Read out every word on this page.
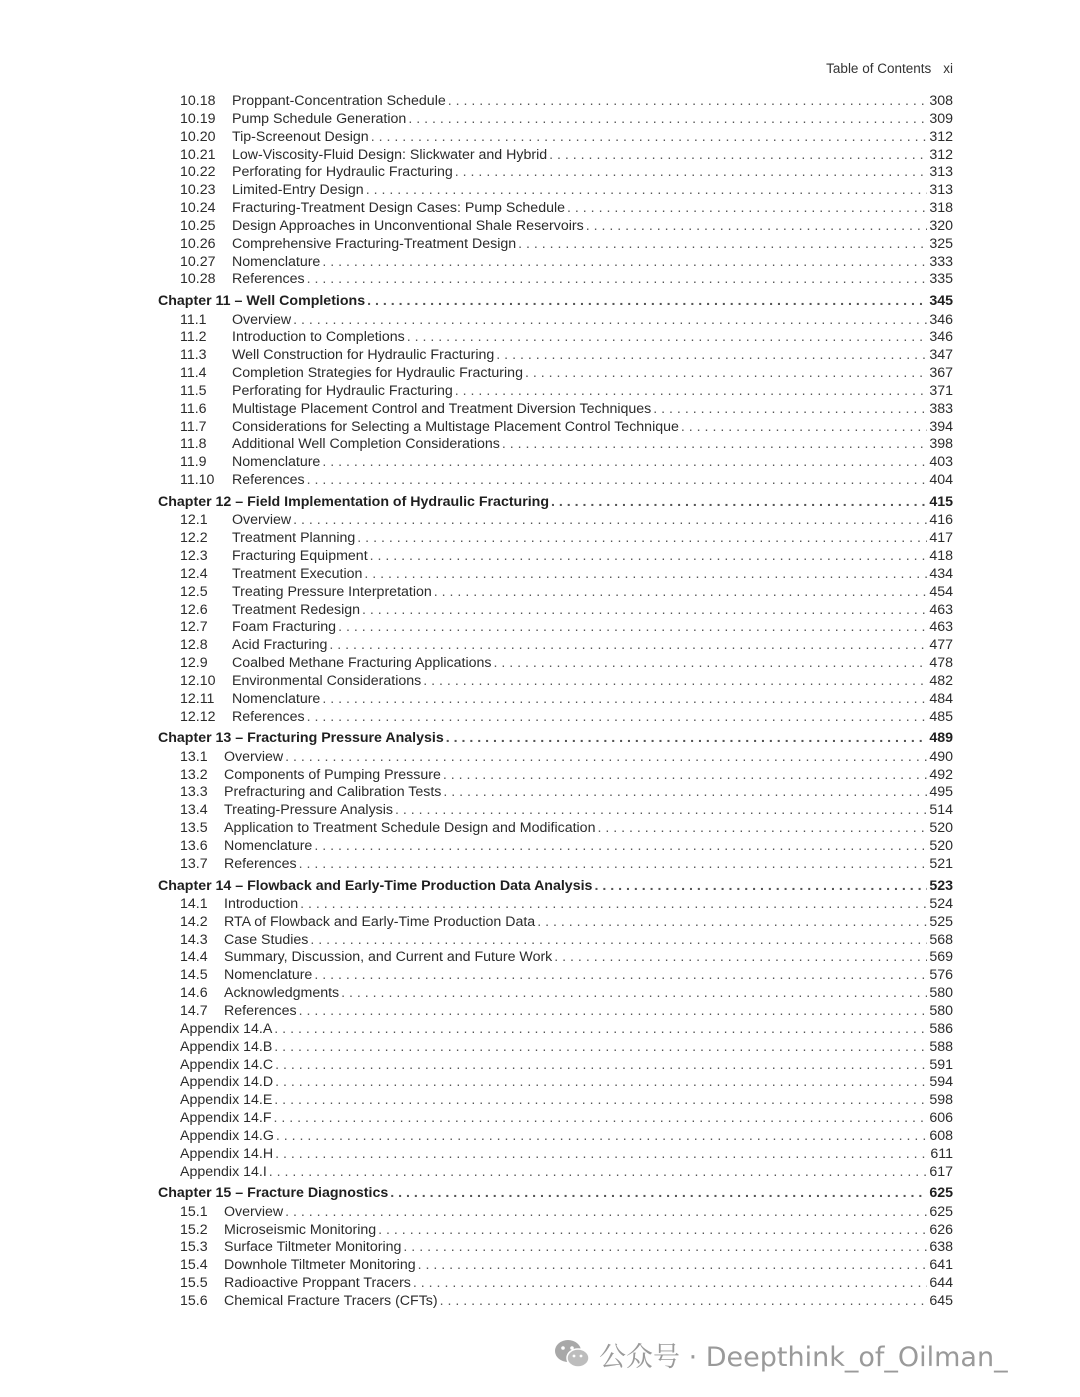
Table of Contents xi
10.18	Proppant-Concentration Schedule . . .	308
10.19	Pump Schedule Generation . . .	309
10.20	Tip-Screenout Design . . .	312
10.21	Low-Viscosity-Fluid Design: Slickwater and Hybrid . . .	312
10.22	Perforating for Hydraulic Fracturing . . .	313
10.23	Limited-Entry Design . . .	313
10.24	Fracturing-Treatment Design Cases: Pump Schedule . . .	318
10.25	Design Approaches in Unconventional Shale Reservoirs . . .	320
10.26	Comprehensive Fracturing-Treatment Design . . .	325
10.27	Nomenclature . . .	333
10.28	References . . .	335
Chapter 11 – Well Completions . . .	345
11.1	Overview . . .	346
11.2	Introduction to Completions . . .	346
11.3	Well Construction for Hydraulic Fracturing . . .	347
11.4	Completion Strategies for Hydraulic Fracturing . . .	367
11.5	Perforating for Hydraulic Fracturing . . .	371
11.6	Multistage Placement Control and Treatment Diversion Techniques . . .	383
11.7	Considerations for Selecting a Multistage Placement Control Technique . . .	394
11.8	Additional Well Completion Considerations . . .	398
11.9	Nomenclature . . .	403
11.10	References . . .	404
Chapter 12 – Field Implementation of Hydraulic Fracturing . . .	415
12.1	Overview . . .	416
12.2	Treatment Planning . . .	417
12.3	Fracturing Equipment . . .	418
12.4	Treatment Execution . . .	434
12.5	Treating Pressure Interpretation . . .	454
12.6	Treatment Redesign . . .	463
12.7	Foam Fracturing . . .	463
12.8	Acid Fracturing . . .	477
12.9	Coalbed Methane Fracturing Applications . . .	478
12.10	Environmental Considerations . . .	482
12.11	Nomenclature . . .	484
12.12	References . . .	485
Chapter 13 – Fracturing Pressure Analysis . . .	489
13.1	Overview . . .	490
13.2	Components of Pumping Pressure . . .	492
13.3	Prefracturing and Calibration Tests . . .	495
13.4	Treating-Pressure Analysis . . .	514
13.5	Application to Treatment Schedule Design and Modification . . .	520
13.6	Nomenclature . . .	520
13.7	References . . .	521
Chapter 14 – Flowback and Early-Time Production Data Analysis . . .	523
14.1	Introduction . . .	524
14.2	RTA of Flowback and Early-Time Production Data . . .	525
14.3	Case Studies . . .	568
14.4	Summary, Discussion, and Current and Future Work . . .	569
14.5	Nomenclature . . .	576
14.6	Acknowledgments . . .	580
14.7	References . . .	580
Appendix 14.A . . .	586
Appendix 14.B . . .	588
Appendix 14.C . . .	591
Appendix 14.D . . .	594
Appendix 14.E . . .	598
Appendix 14.F . . .	606
Appendix 14.G . . .	608
Appendix 14.H . . .	611
Appendix 14.I . . .	617
Chapter 15 – Fracture Diagnostics . . .	625
15.1	Overview . . .	625
15.2	Microseismic Monitoring . . .	626
15.3	Surface Tiltmeter Monitoring . . .	638
15.4	Downhole Tiltmeter Monitoring . . .	641
15.5	Radioactive Proppant Tracers . . .	644
15.6	Chemical Fracture Tracers (CFTs) . . .	645
公众号 · Deepthink_of_Oilman_
